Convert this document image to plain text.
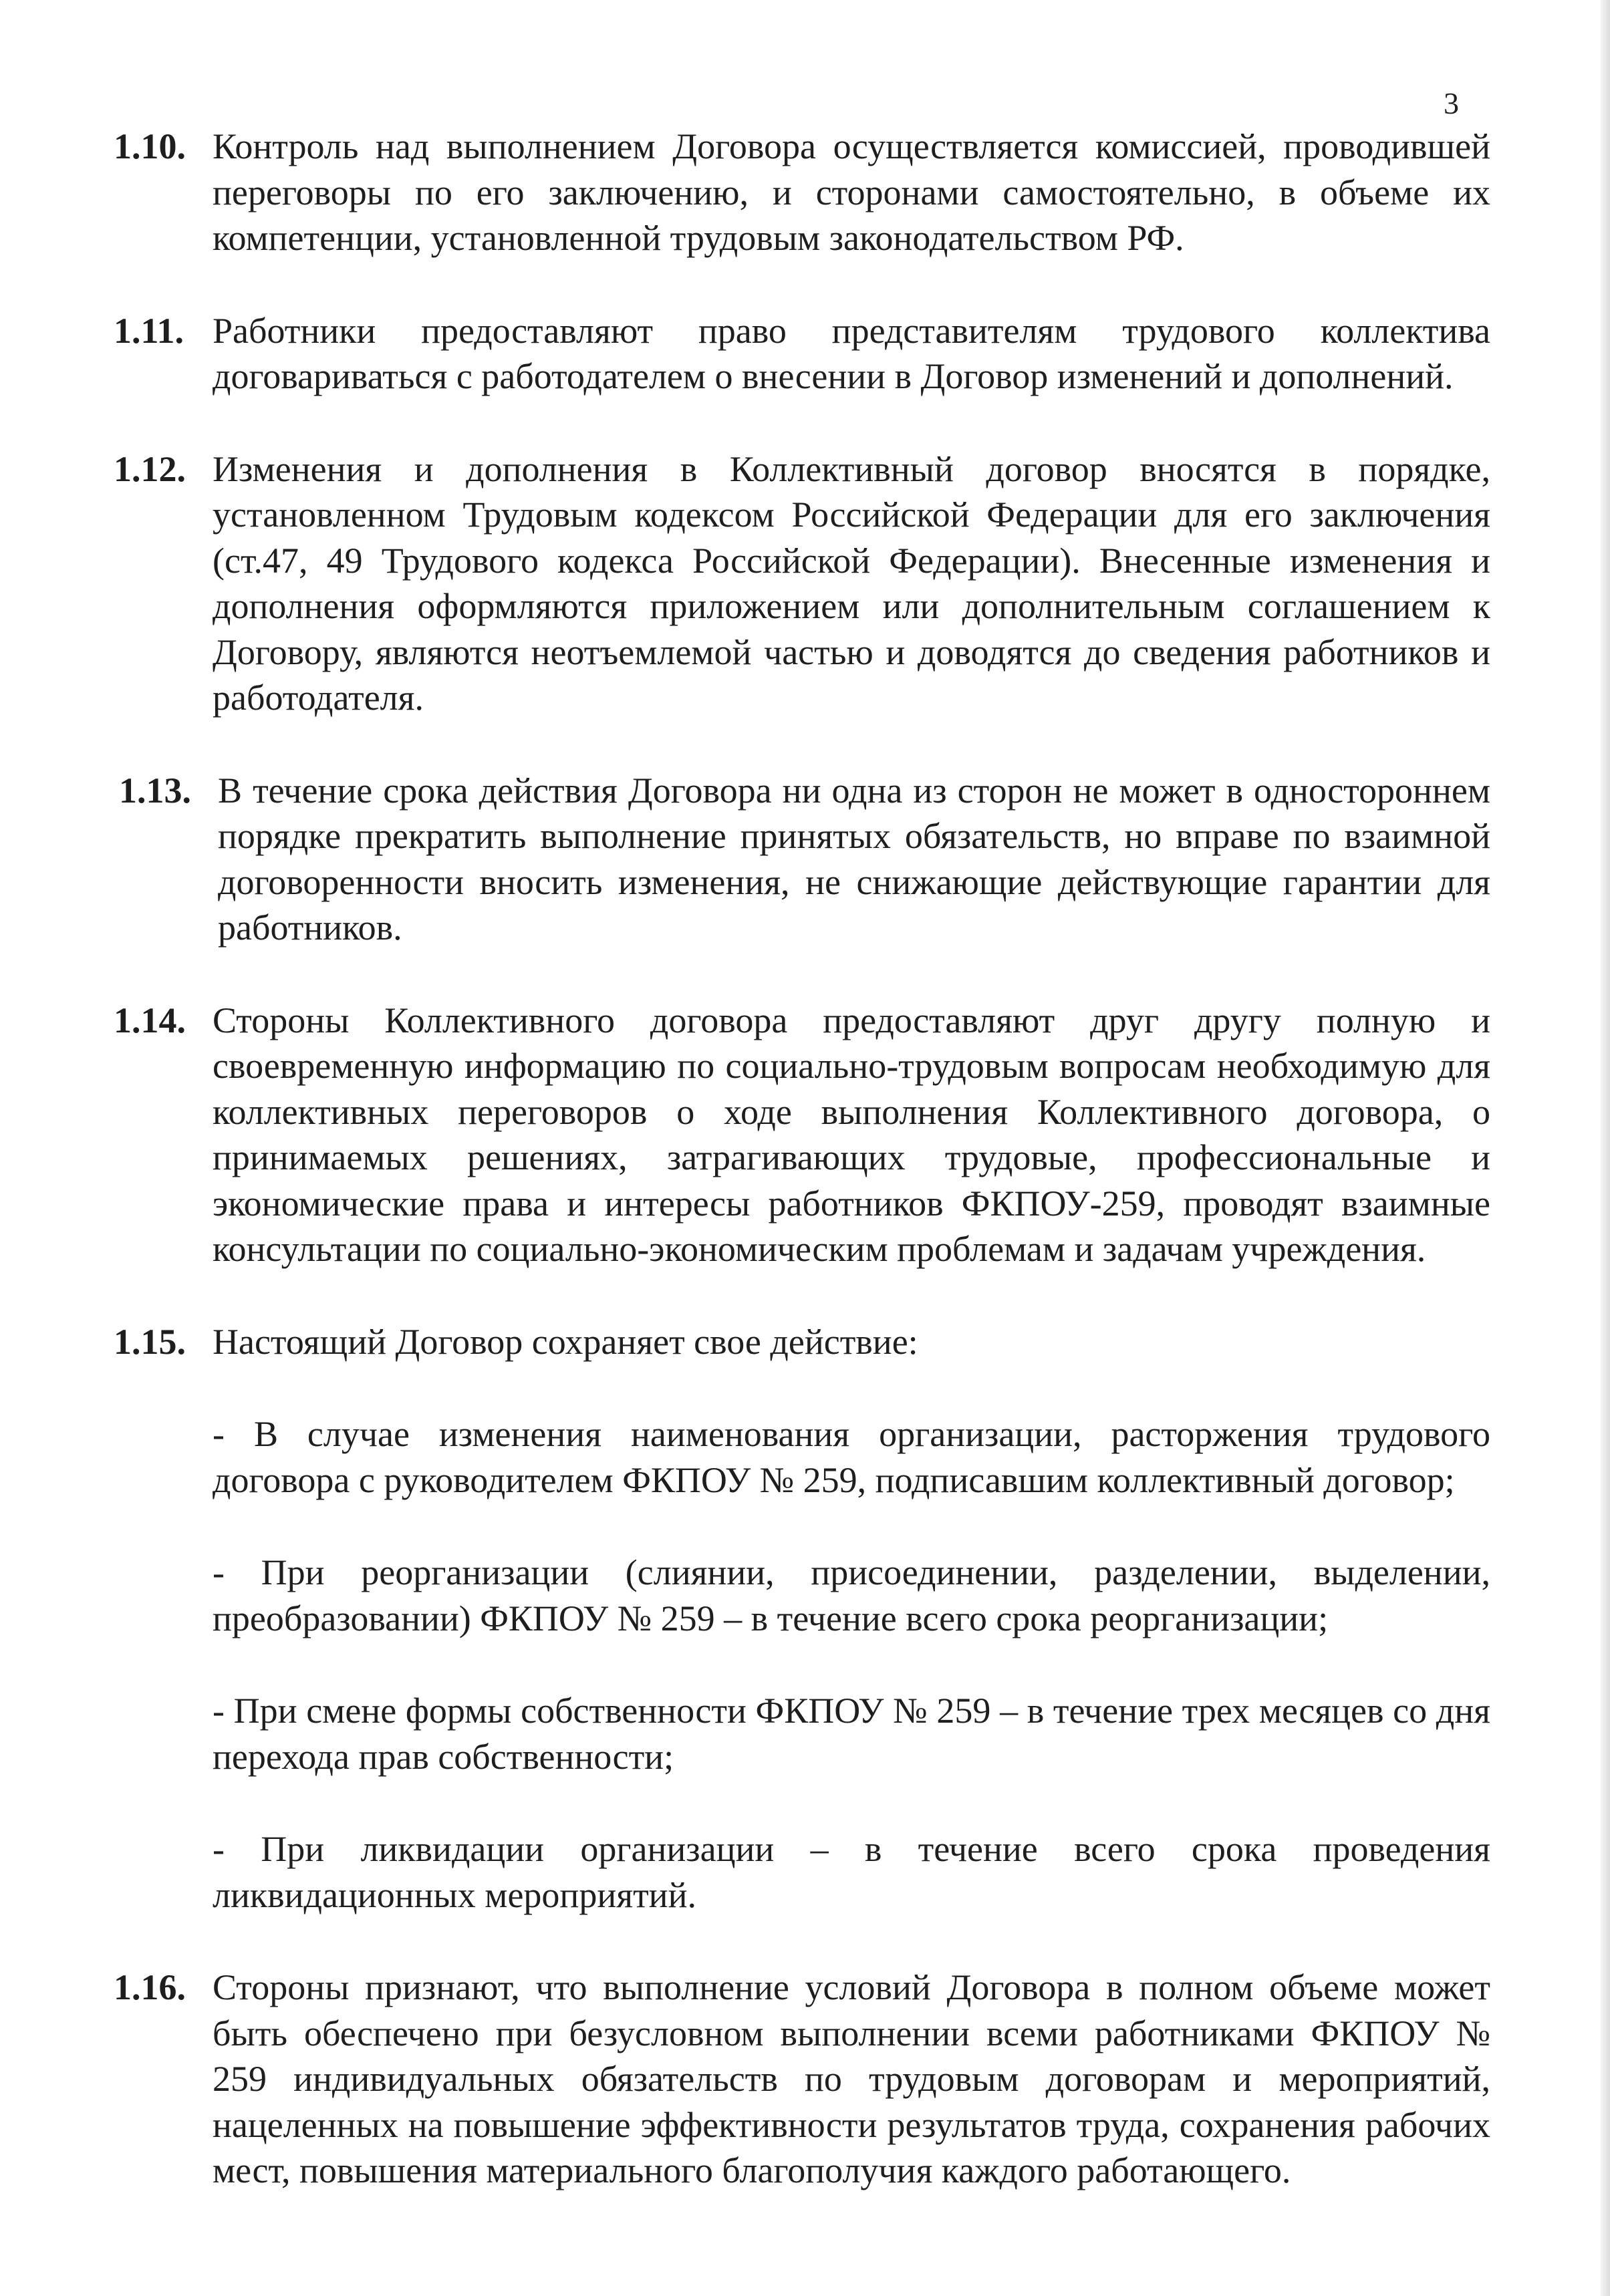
3
1.10. Контроль над выполнением Договора осуществляется комиссией, проводившей переговоры по его заключению, и сторонами самостоятельно, в объеме их компетенции, установленной трудовым законодательством РФ.
1.11. Работники предоставляют право представителям трудового коллектива договариваться с работодателем о внесении в Договор изменений и дополнений.
1.12. Изменения и дополнения в Коллективный договор вносятся в порядке, установленном Трудовым кодексом Российской Федерации для его заключения (ст.47, 49 Трудового кодекса Российской Федерации). Внесенные изменения и дополнения оформляются приложением или дополнительным соглашением к Договору, являются неотъемлемой частью и доводятся до сведения работников и работодателя.
1.13. В течение срока действия Договора ни одна из сторон не может в одностороннем порядке прекратить выполнение принятых обязательств, но вправе по взаимной договоренности вносить изменения, не снижающие действующие гарантии для работников.
1.14. Стороны Коллективного договора предоставляют друг другу полную и своевременную информацию по социально-трудовым вопросам необходимую для коллективных переговоров о ходе выполнения Коллективного договора, о принимаемых решениях, затрагивающих трудовые, профессиональные и экономические права и интересы работников ФКПОУ-259, проводят взаимные консультации по социально-экономическим проблемам и задачам учреждения.
1.15. Настоящий Договор сохраняет свое действие:

- В случае изменения наименования организации, расторжения трудового договора с руководителем ФКПОУ № 259, подписавшим коллективный договор;

- При реорганизации (слиянии, присоединении, разделении, выделении, преобразовании) ФКПОУ № 259 – в течение всего срока реорганизации;

- При смене формы собственности ФКПОУ № 259 – в течение трех месяцев со дня перехода прав собственности;

- При ликвидации организации – в течение всего срока проведения ликвидационных мероприятий.

1.16. Стороны признают, что выполнение условий Договора в полном объеме может быть обеспечено при безусловном выполнении всеми работниками ФКПОУ № 259 индивидуальных обязательств по трудовым договорам и мероприятий, нацеленных на повышение эффективности результатов труда, сохранения рабочих мест, повышения материального благополучия каждого работающего.
